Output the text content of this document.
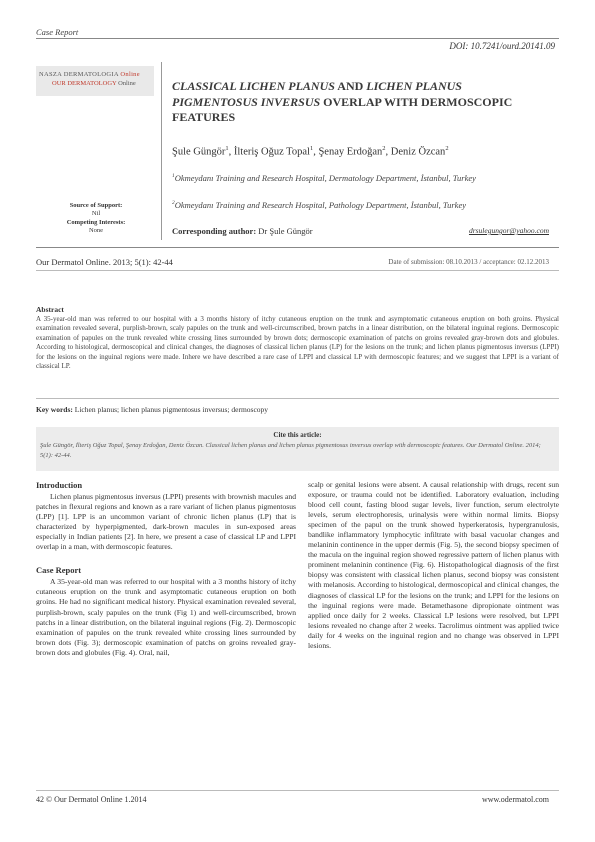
Case Report
DOI: 10.7241/ourd.20141.09
NASZA DERMATOLOGIA Online
OUR DERMATOLOGY Online	CLASSICAL LICHEN PLANUS AND LICHEN PLANUS PIGMENTOSUS INVERSUS OVERLAP WITH DERMOSCOPIC FEATURES
Şule Güngör$^1$, İlteriş Oğuz Topal$^1$, Şenay Erdoğan$^2$, Deniz Özcan$^2$
$^1$Okmeydanı Training and Research Hospital, Dermatology Department, İstanbul, Turkey
$^2$Okmeydanı Training and Research Hospital, Pathology Department, İstanbul, Turkey
Source of Support:
Nil
Competing Interests:
None	Corresponding author: Dr Şule Güngör	drsulegungor@yahoo.com
Our Dermatol Online. 2013; 5(1): 42-44	Date of submission: 08.10.2013 / acceptance: 02.12.2013
Abstract
A 35-year-old man was referred to our hospital with a 3 months history of itchy cutaneous eruption on the trunk and asymptomatic cutaneous eruption on both groins. Physical examination revealed several, purplish-brown, scaly papules on the trunk and well-circumscribed, brown patchs in a linear distribution, on the bilateral inguinal regions. Dermoscopic examination of papules on the trunk revealed white crossing lines surrounded by brown dots; dermoscopic examination of patchs on groins revealed gray-brown dots and globules. According to histological, dermoscopical and clinical changes, the diagnoses of classical lichen planus (LP) for the lesions on the trunk; and lichen planus pigmentosus inversus (LPPI) for the lesions on the inguinal regions were made. Inhere we have described a rare case of LPPI and classical LP with dermoscopic features; and we suggest that LPPI is a variant of classical LP.
Key words: Lichen planus; lichen planus pigmentosus inversus; dermoscopy
Cite this article:
Şule Güngör, İlteriş Oğuz Topal, Şenay Erdoğan, Deniz Özcan. Classical lichen planus and lichen planus pigmentosus inversus overlap with dermoscopic features. Our Dermatol Online. 2014; 5(1): 42-44.
Introduction

Lichen planus pigmentosus inversus (LPPI) presents with brownish macules and patches in flexural regions and known as a rare variant of lichen planus pigmentosus (LPP) [1]. LPP is an uncommon variant of chronic lichen planus (LP) that is characterized by hyperpigmented, dark-brown macules in sun-exposed areas especially in Indian patients [2]. In here, we present a case of classical LP and LPPI overlap in a man, with dermoscopic features.

Case Report

A 35-year-old man was referred to our hospital with a 3 months history of itchy cutaneous eruption on the trunk and asymptomatic cutaneous eruption on both groins. He had no significant medical history. Physical examination revealed several, purplish-brown, scaly papules on the trunk (Fig 1) and well-circumscribed, brown patchs in a linear distribution, on the bilateral inguinal regions (Fig. 2). Dermoscopic examination of papules on the trunk revealed white crossing lines surrounded by brown dots (Fig. 3); dermoscopic examination of patchs on groins revealed gray-brown dots and globules (Fig. 4). Oral, nail,

scalp or genital lesions were absent. A causal relationship with drugs, recent sun exposure, or trauma could not be identified. Laboratory evaluation, including blood cell count, fasting blood sugar levels, liver function, serum electrolyte levels, serum electrophoresis, urinalysis were within normal limits. Biopsy specimen of the papul on the trunk showed hyperkeratosis, hypergranulosis, bandlike inflammatory lymphocytic infiltrate with basal vacuolar changes and melaninin continence in the upper dermis (Fig. 5), the second biopsy specimen of the macula on the inguinal region showed regressive pattern of lichen planus with prominent melaninin continence (Fig. 6). Histopathological diagnosis of the first biopsy was consistent with classical lichen planus, second biopsy was consistent with melanosis. According to histological, dermoscopical and clinical changes, the diagnoses of classical LP for the lesions on the trunk; and LPPI for the lesions on the inguinal regions were made. Betamethasone dipropionate ointment was applied once daily for 2 weeks. Classical LP lesions were resolved, but LPPI lesions revealed no change after 2 weeks. Tacrolimus ointment was applied twice daily for 4 weeks on the inguinal region and no change was observed in LPPI lesions.

42 © Our Dermatol Online 1.2014	www.odermatol.com
